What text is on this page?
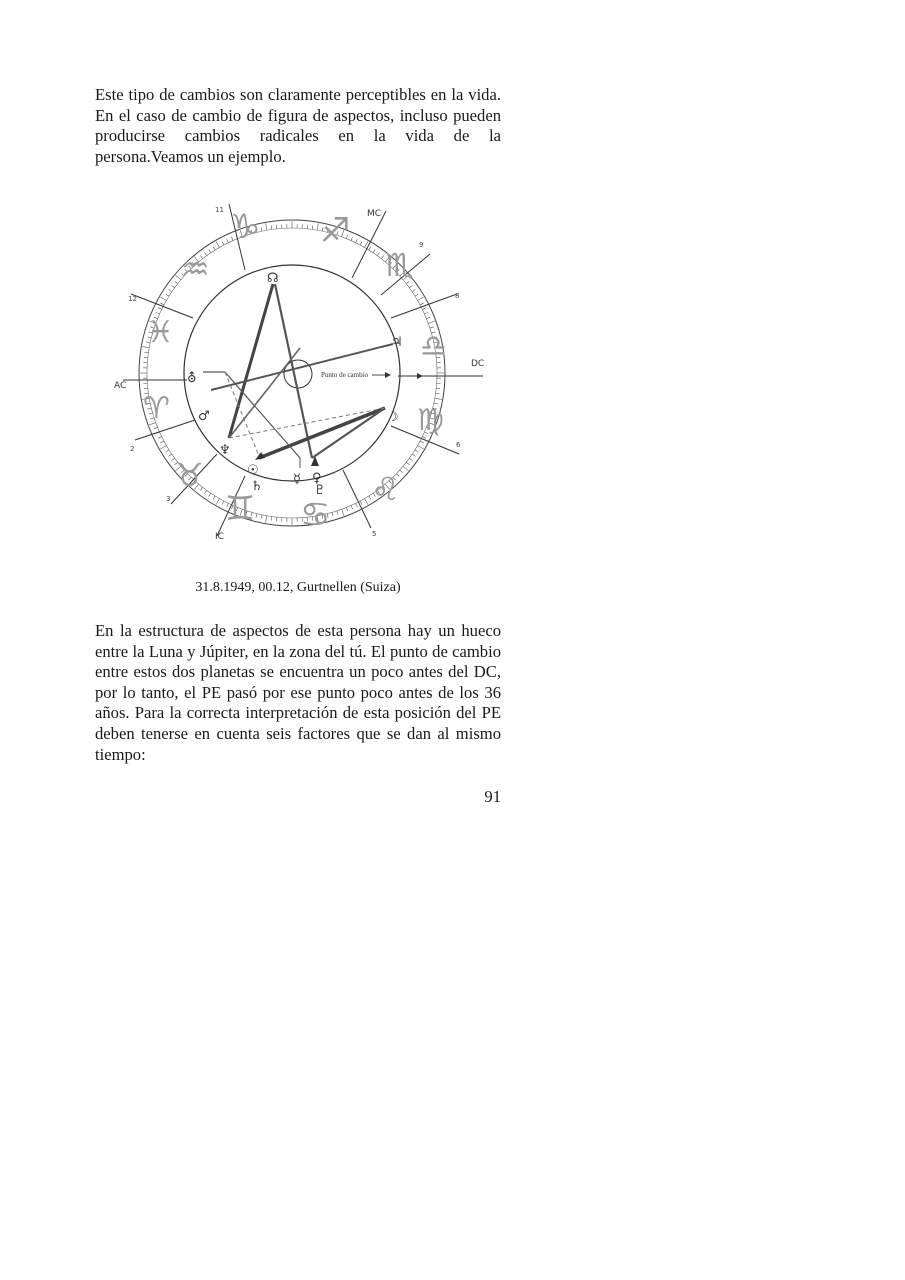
Este tipo de cambios son claramente perceptibles en la vida. En el caso de cambio de figura de aspectos, incluso pueden producirse cambios radicales en la vida de la persona.Veamos un ejemplo.

♑ ♐
♏
♎
♍
♌
♋
♊
♉
♈
♓
♒
MC
DC
AC
IC
11
9
8
12
6
2
3
5
Punto de cambio
☊
♃
⛢
♂	☽
♆
☉
♄ ☿ ♀
♇
31.8.1949, 00.12, Gurtnellen (Suiza)

En la estructura de aspectos de esta persona hay un hueco entre la Luna y Júpiter, en la zona del tú. El punto de cambio entre estos dos planetas se encuentra un poco antes del DC, por lo tanto, el PE pasó por ese punto poco antes de los 36 años. Para la correcta interpretación de esta posición del PE deben tenerse en cuenta seis factores que se dan al mismo tiempo:

91
